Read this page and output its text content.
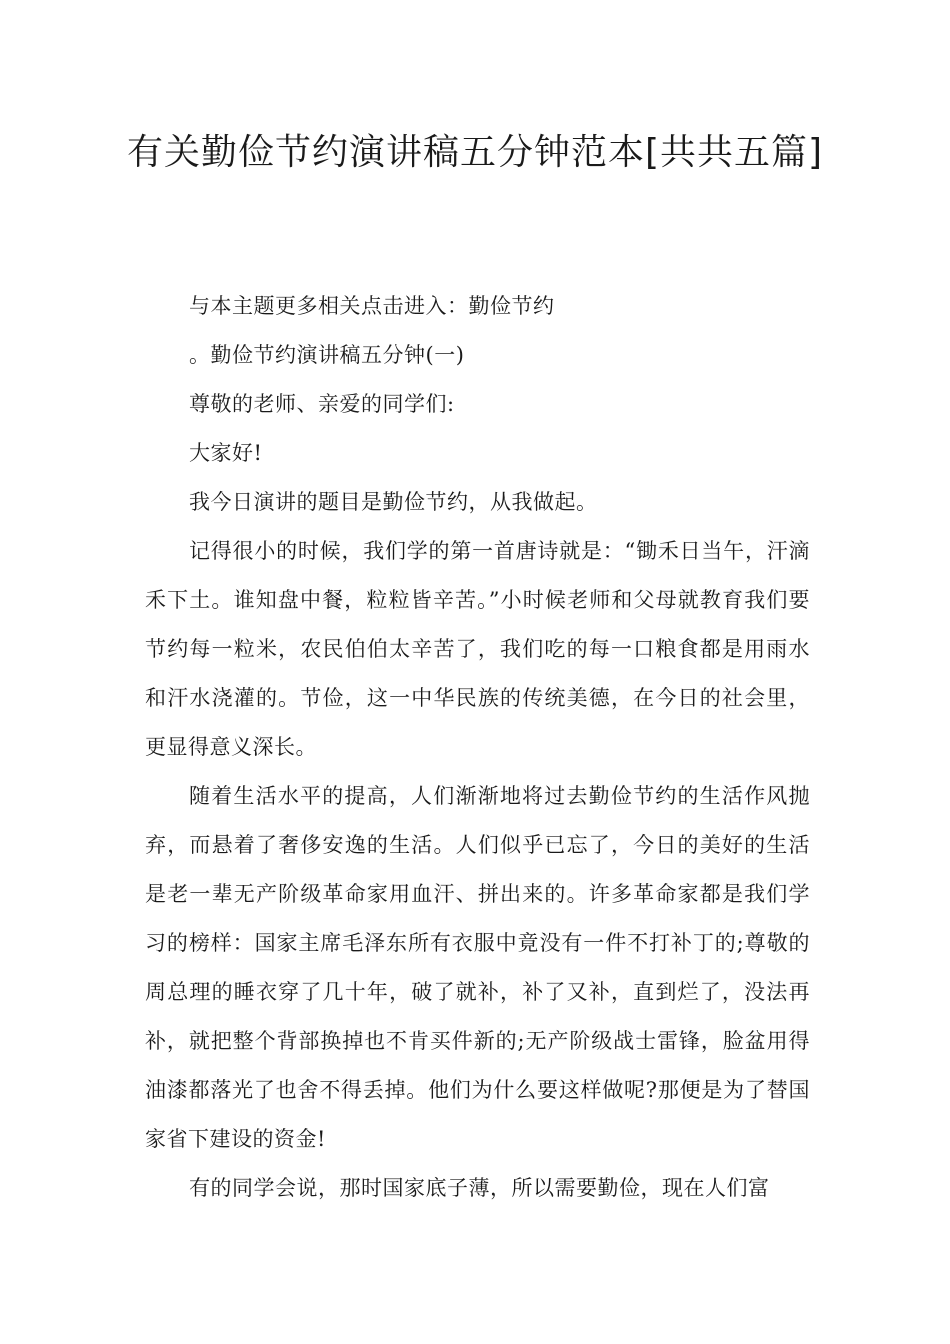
有关勤俭节约演讲稿五分钟范本[共共五篇]

与本主题更多相关点击进入：勤俭节约

。勤俭节约演讲稿五分钟(一)

尊敬的老师、亲爱的同学们:

大家好!

我今日演讲的题目是勤俭节约，从我做起。

记得很小的时候，我们学的第一首唐诗就是：“锄禾日当午，汗滴禾下土。谁知盘中餐，粒粒皆辛苦。”小时候老师和父母就教育我们要节约每一粒米，农民伯伯太辛苦了，我们吃的每一口粮食都是用雨水和汗水浇灌的。节俭，这一中华民族的传统美德，在今日的社会里，更显得意义深长。

随着生活水平的提高，人们渐渐地将过去勤俭节约的生活作风抛弃，而悬着了奢侈安逸的生活。人们似乎已忘了，今日的美好的生活是老一辈无产阶级革命家用血汗、拼出来的。许多革命家都是我们学习的榜样：国家主席毛泽东所有衣服中竟没有一件不打补丁的;尊敬的周总理的睡衣穿了几十年，破了就补，补了又补，直到烂了，没法再补，就把整个背部换掉也不肯买件新的;无产阶级战士雷锋，脸盆用得油漆都落光了也舍不得丢掉。他们为什么要这样做呢?那便是为了替国家省下建设的资金!

有的同学会说，那时国家底子薄，所以需要勤俭，现在人们富
